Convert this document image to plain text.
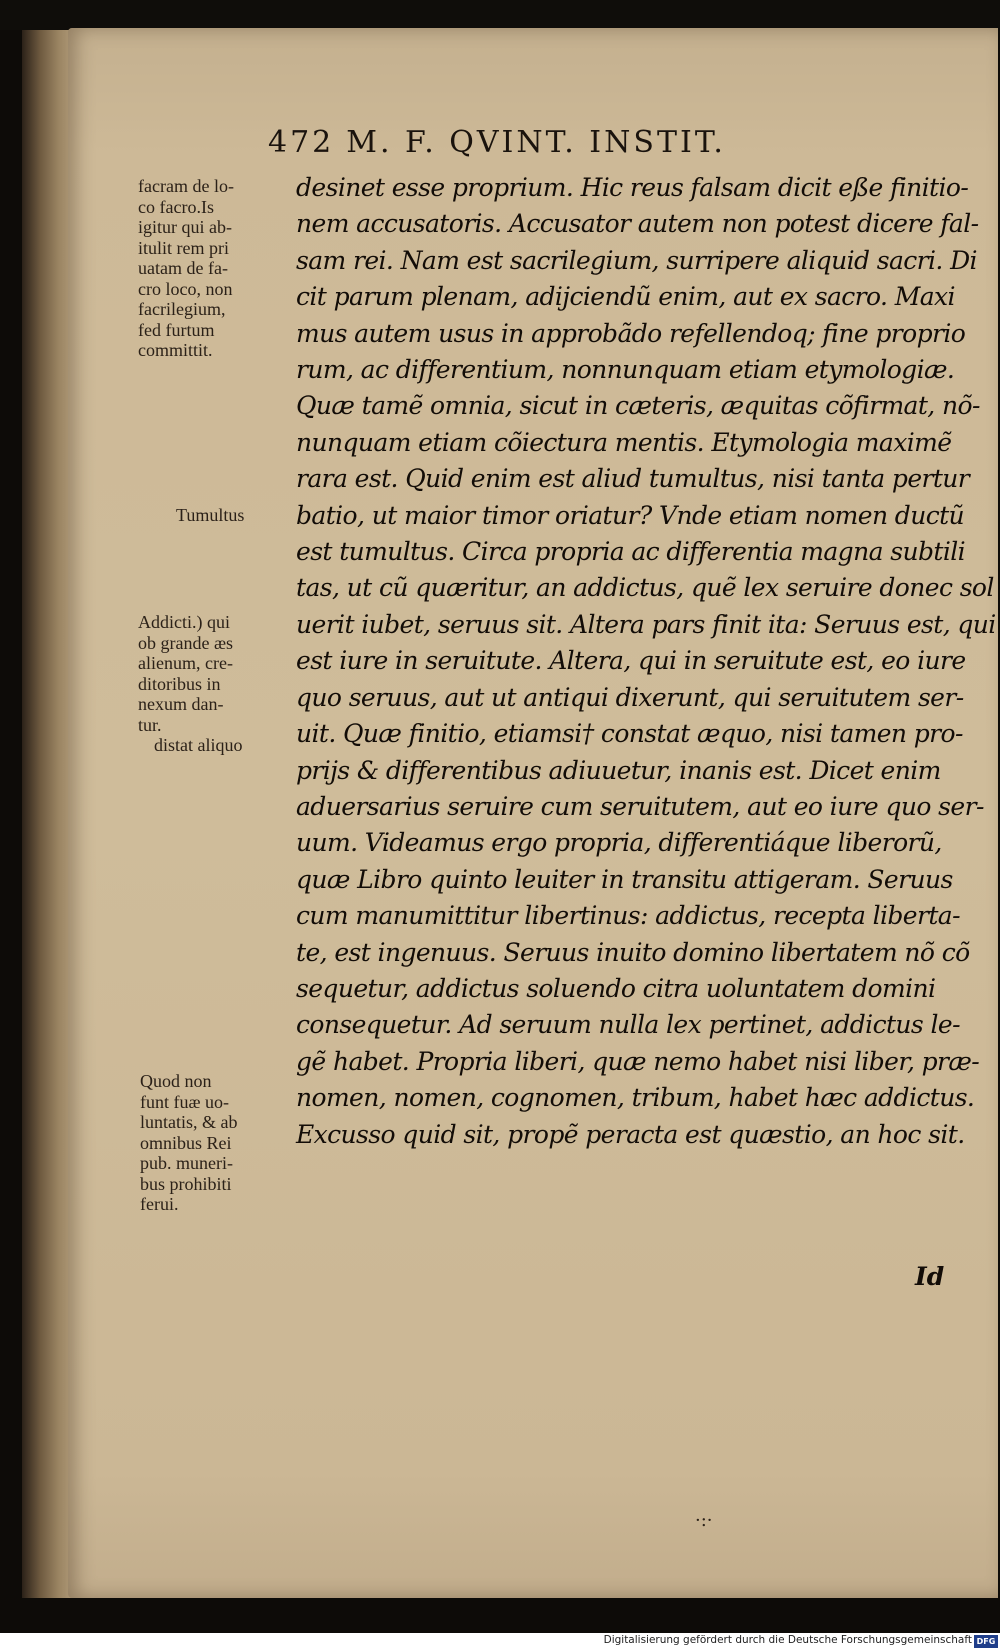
472 M. F. QVINT. INSTIT.
facram de lo-
co facro.Is
igitur qui ab-
itulit rem pri
uatam de fa-
cro loco, non
facrilegium,
fed furtum
committit.
Tumultus
Addicti.) qui
ob grande æs
alienum, cre-
ditoribus in
nexum dan-
tur.
distat aliquo
Quod non
funt fuæ uo-
luntatis, & ab
omnibus Rei
pub. muneri-
bus prohibiti
ferui.
desinet esse proprium. Hic reus falsam dicit eße finitio-
nem accusatoris. Accusator autem non potest dicere fal-
sam rei. Nam est sacrilegium, surripere aliquid sacri. Di
cit parum plenam, adijciendũ enim, aut ex sacro. Maxi
mus autem usus in approbãdo refellendoq; fine proprio
rum, ac differentium, nonnunquam etiam etymologiæ.
Quæ tamẽ omnia, sicut in cæteris, æquitas cõfirmat, nõ-
nunquam etiam cõiectura mentis. Etymologia maximẽ
rara est. Quid enim est aliud tumultus, nisi tanta pertur
batio, ut maior timor oriatur? Vnde etiam nomen ductũ
est tumultus. Circa propria ac differentia magna subtili
tas, ut cũ quæritur, an addictus, quẽ lex seruire donec sol
uerit iubet, seruus sit. Altera pars finit ita: Seruus est, qui
est iure in seruitute. Altera, qui in seruitute est, eo iure
quo seruus, aut ut antiqui dixerunt, qui seruitutem ser-
uit. Quæ finitio, etiamsi† constat æquo, nisi tamen pro-
prijs & differentibus adiuuetur, inanis est. Dicet enim
aduersarius seruire cum seruitutem, aut eo iure quo ser-
uum. Videamus ergo propria, differentiáque liberorũ,
quæ Libro quinto leuiter in transitu attigeram. Seruus
cum manumittitur libertinus: addictus, recepta liberta-
te, est ingenuus. Seruus inuito domino libertatem nõ cõ
sequetur, addictus soluendo citra uoluntatem domini
consequetur. Ad seruum nulla lex pertinet, addictus le-
gẽ habet. Propria liberi, quæ nemo habet nisi liber, præ-
nomen, nomen, cognomen, tribum, habet hæc addictus.
Excusso quid sit, propẽ peracta est quæstio, an hoc sit.
Id
·:·
Digitalisierung gefördert durch die Deutsche Forschungsgemeinschaft DFG
